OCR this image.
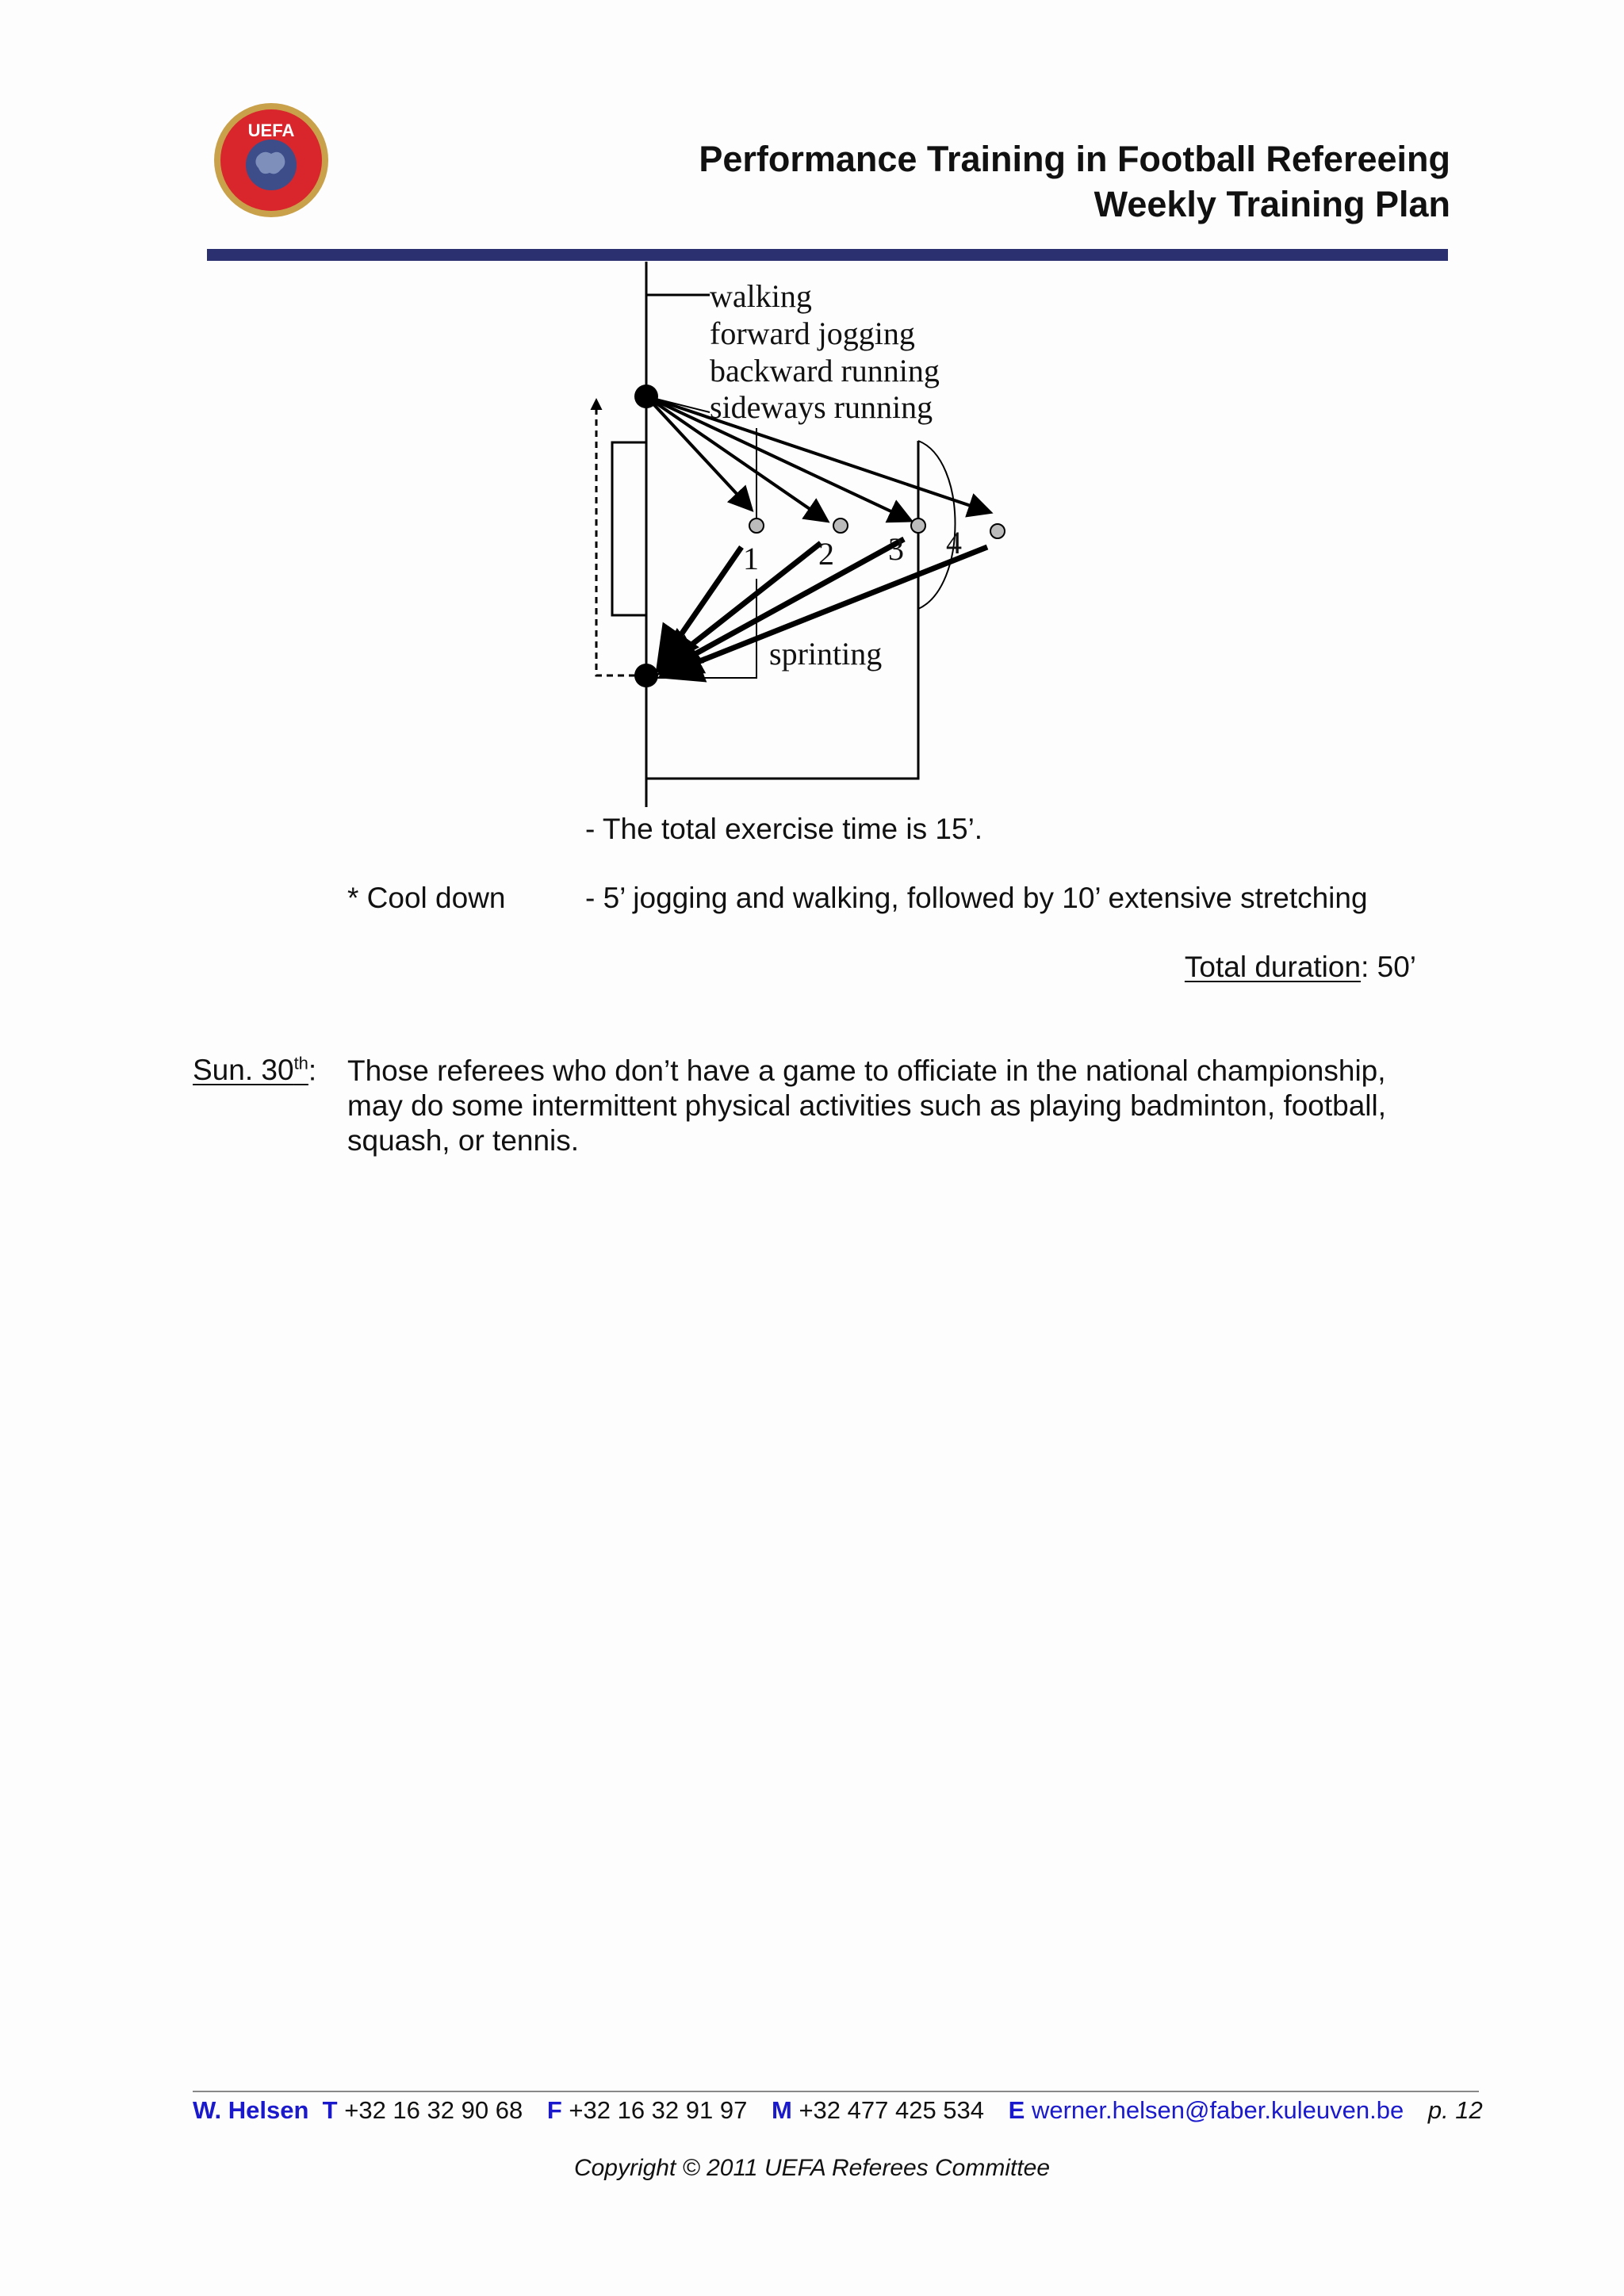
UEFA
Performance Training in Football Refereeing
Weekly Training Plan
walking
forward jogging
backward running
sideways running
1 2 3 4
sprinting
- The total exercise time is 15’.
* Cool down	- 5’ jogging and walking, followed by 10’ extensive stretching
Total duration: 50’
Sun. 30th: Those referees who don’t have a game to officiate in the national championship, may do some intermittent physical activities such as playing badminton, football, squash, or tennis.
W. Helsen T +32 16 32 90 68 F +32 16 32 91 97 M +32 477 425 534 E werner.helsen@faber.kuleuven.be p. 12
Copyright © 2011 UEFA Referees Committee
